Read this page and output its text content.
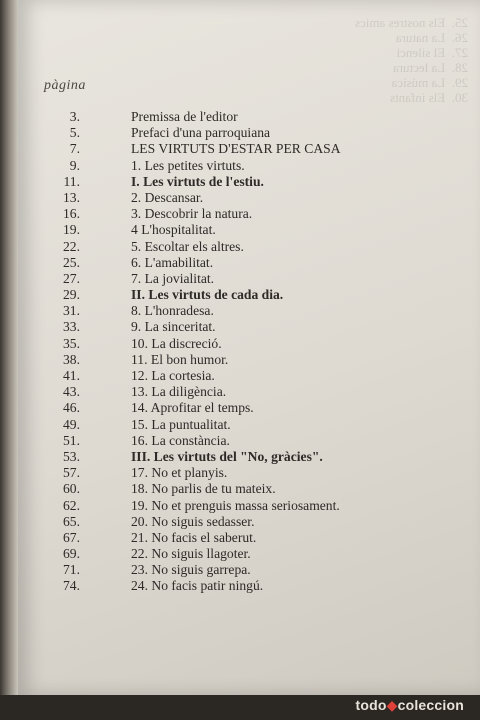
25.  Els nostres amics
26.  La natura
27.  El silenci
28.  La lectura
29.  La música
30.  Els infants

pàgina
3.	Premissa de l'editor
5.	Prefaci d'una parroquiana
7.	LES VIRTUTS D'ESTAR PER CASA
9.	1. Les petites virtuts.
11.	I. Les virtuts de l'estiu.
13.	2. Descansar.
16.	3. Descobrir la natura.
19.	4 L'hospitalitat.
22.	5. Escoltar els altres.
25.	6. L'amabilitat.
27.	7. La jovialitat.
29.	II. Les virtuts de cada dia.
31.	8. L'honradesa.
33.	9. La sinceritat.
35.	10. La discreció.
38.	11. El bon humor.
41.	12. La cortesia.
43.	13. La diligència.
46.	14. Aprofitar el temps.
49.	15. La puntualitat.
51.	16. La constància.
53.	III. Les virtuts del "No, gràcies".
57.	17. No et planyis.
60.	18. No parlis de tu mateix.
62.	19. No et prenguis massa seriosament.
65.	20. No siguis sedasser.
67.	21. No facis el saberut.
69.	22. No siguis llagoter.
71.	23. No siguis garrepa.
74.	24. No facis patir ningú.
todo◆coleccion
